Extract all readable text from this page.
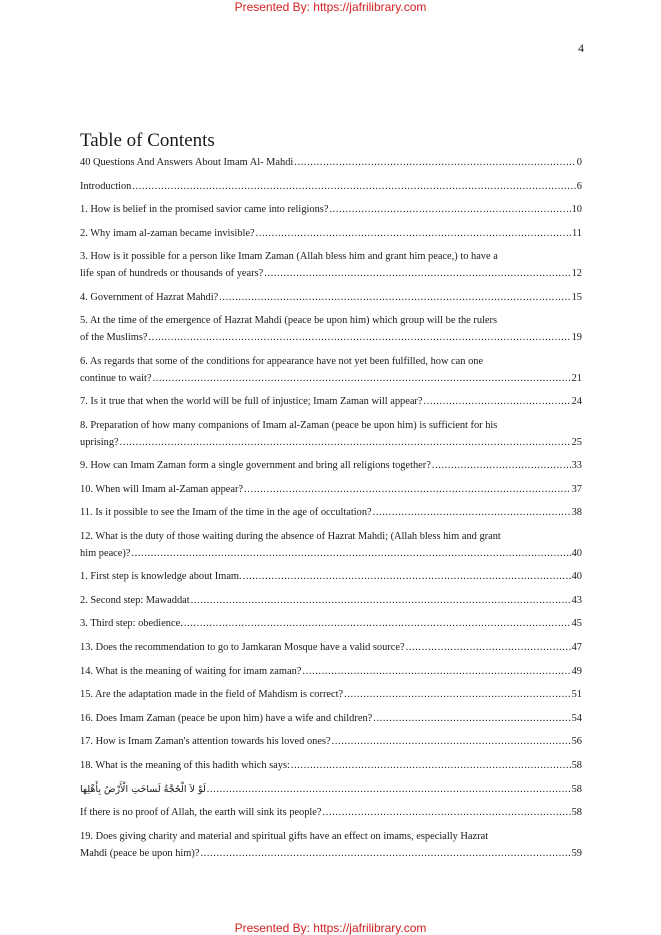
Presented By: https://jafrilibrary.com
4
Table of Contents
40 Questions And Answers About Imam Al- Mahdi .....	0
Introduction .....	6
1. How is belief in the promised savior came into religions? .....	10
2. Why imam al-zaman became invisible? .....	11
3. How is it possible for a person like Imam Zaman (Allah bless him and grant him peace,) to have a
life span of hundreds or thousands of years? .....	12
4. Government of Hazrat Mahdi? .....	15
5. At the time of the emergence of Hazrat Mahdi (peace be upon him) which group will be the rulers
of the Muslims? .....	19
6. As regards that some of the conditions for appearance have not yet been fulfilled, how can one
continue to wait? .....	21
7. Is it true that when the world will be full of injustice; Imam Zaman will appear? .....	24
8. Preparation of how many companions of Imam al-Zaman (peace be upon him) is sufficient for his
uprising? .....	25
9. How can Imam Zaman form a single government and bring all religions together? .....	33
10. When will Imam al-Zaman appear? .....	37
11. Is it possible to see the Imam of the time in the age of occultation? .....	38
12. What is the duty of those waiting during the absence of Hazrat Mahdi; (Allah bless him and grant
him peace)? .....	40
1. First step is knowledge about Imam. .....	40
2. Second step: Mawaddat .....	43
3. Third step: obedience. .....	45
13. Does the recommendation to go to Jamkaran Mosque have a valid source? .....	47
14. What is the meaning of waiting for imam zaman? .....	49
15. Are the adaptation made in the field of Mahdism is correct? .....	51
16. Does Imam Zaman (peace be upon him) have a wife and children? .....	54
17. How is Imam Zaman's attention towards his loved ones? .....	56
18. What is the meaning of this hadith which says: .....	58
لَوْ لاَ الْحُجَّةُ لَساخَتِ الْأَرْضُ بِأَهْلِها .....	58
If there is no proof of Allah, the earth will sink its people? .....	58
19. Does giving charity and material and spiritual gifts have an effect on imams, especially Hazrat
Mahdi (peace be upon him)? .....	59
Presented By: https://jafrilibrary.com
